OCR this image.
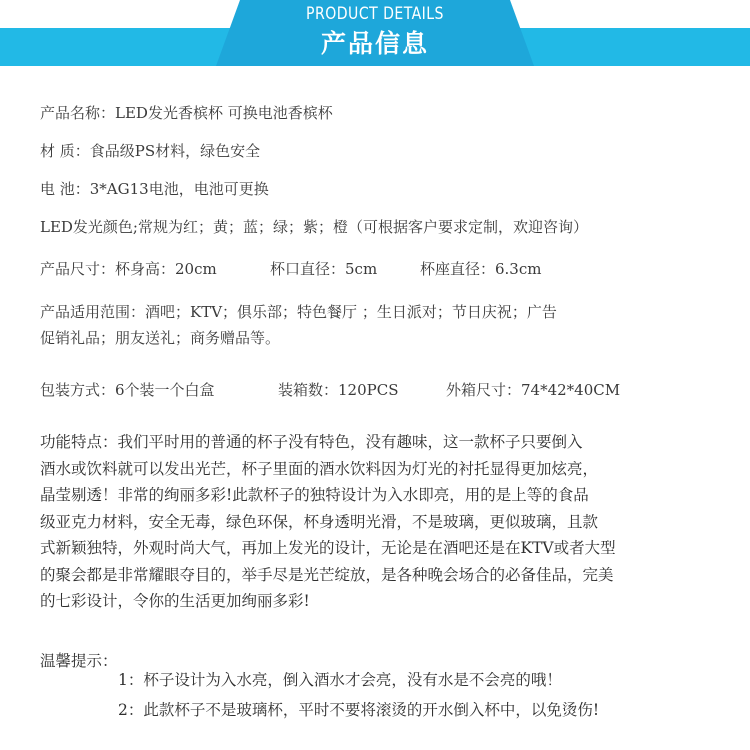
PRODUCT DETAILS
产品信息
产品名称：LED发光香槟杯 可换电池香槟杯
材 质：食品级PS材料，绿色安全
电 池：3*AG13电池，电池可更换
LED发光颜色;常规为红；黄；蓝；绿；紫；橙（可根据客户要求定制，欢迎咨询）
产品尺寸：杯身高：20cm	杯口直径：5cm	杯座直径：6.3cm
产品适用范围：酒吧；KTV；俱乐部；特色餐厅 ；生日派对；节日庆祝；广告
促销礼品；朋友送礼；商务赠品等。
包装方式：6个装一个白盒	装箱数：120PCS	外箱尺寸：74*42*40CM
功能特点：我们平时用的普通的杯子没有特色，没有趣味，这一款杯子只要倒入
酒水或饮料就可以发出光芒，杯子里面的酒水饮料因为灯光的衬托显得更加炫亮，
晶莹剔透！非常的绚丽多彩!此款杯子的独特设计为入水即亮，用的是上等的食品
级亚克力材料，安全无毒，绿色环保，杯身透明光滑，不是玻璃，更似玻璃，且款
式新颖独特，外观时尚大气，再加上发光的设计，无论是在酒吧还是在KTV或者大型
的聚会都是非常耀眼夺目的，举手尽是光芒绽放，是各种晚会场合的必备佳品，完美
的七彩设计，令你的生活更加绚丽多彩!
温馨提示：
1：杯子设计为入水亮，倒入酒水才会亮，没有水是不会亮的哦！
2：此款杯子不是玻璃杯，平时不要将滚烫的开水倒入杯中，以免烫伤!
